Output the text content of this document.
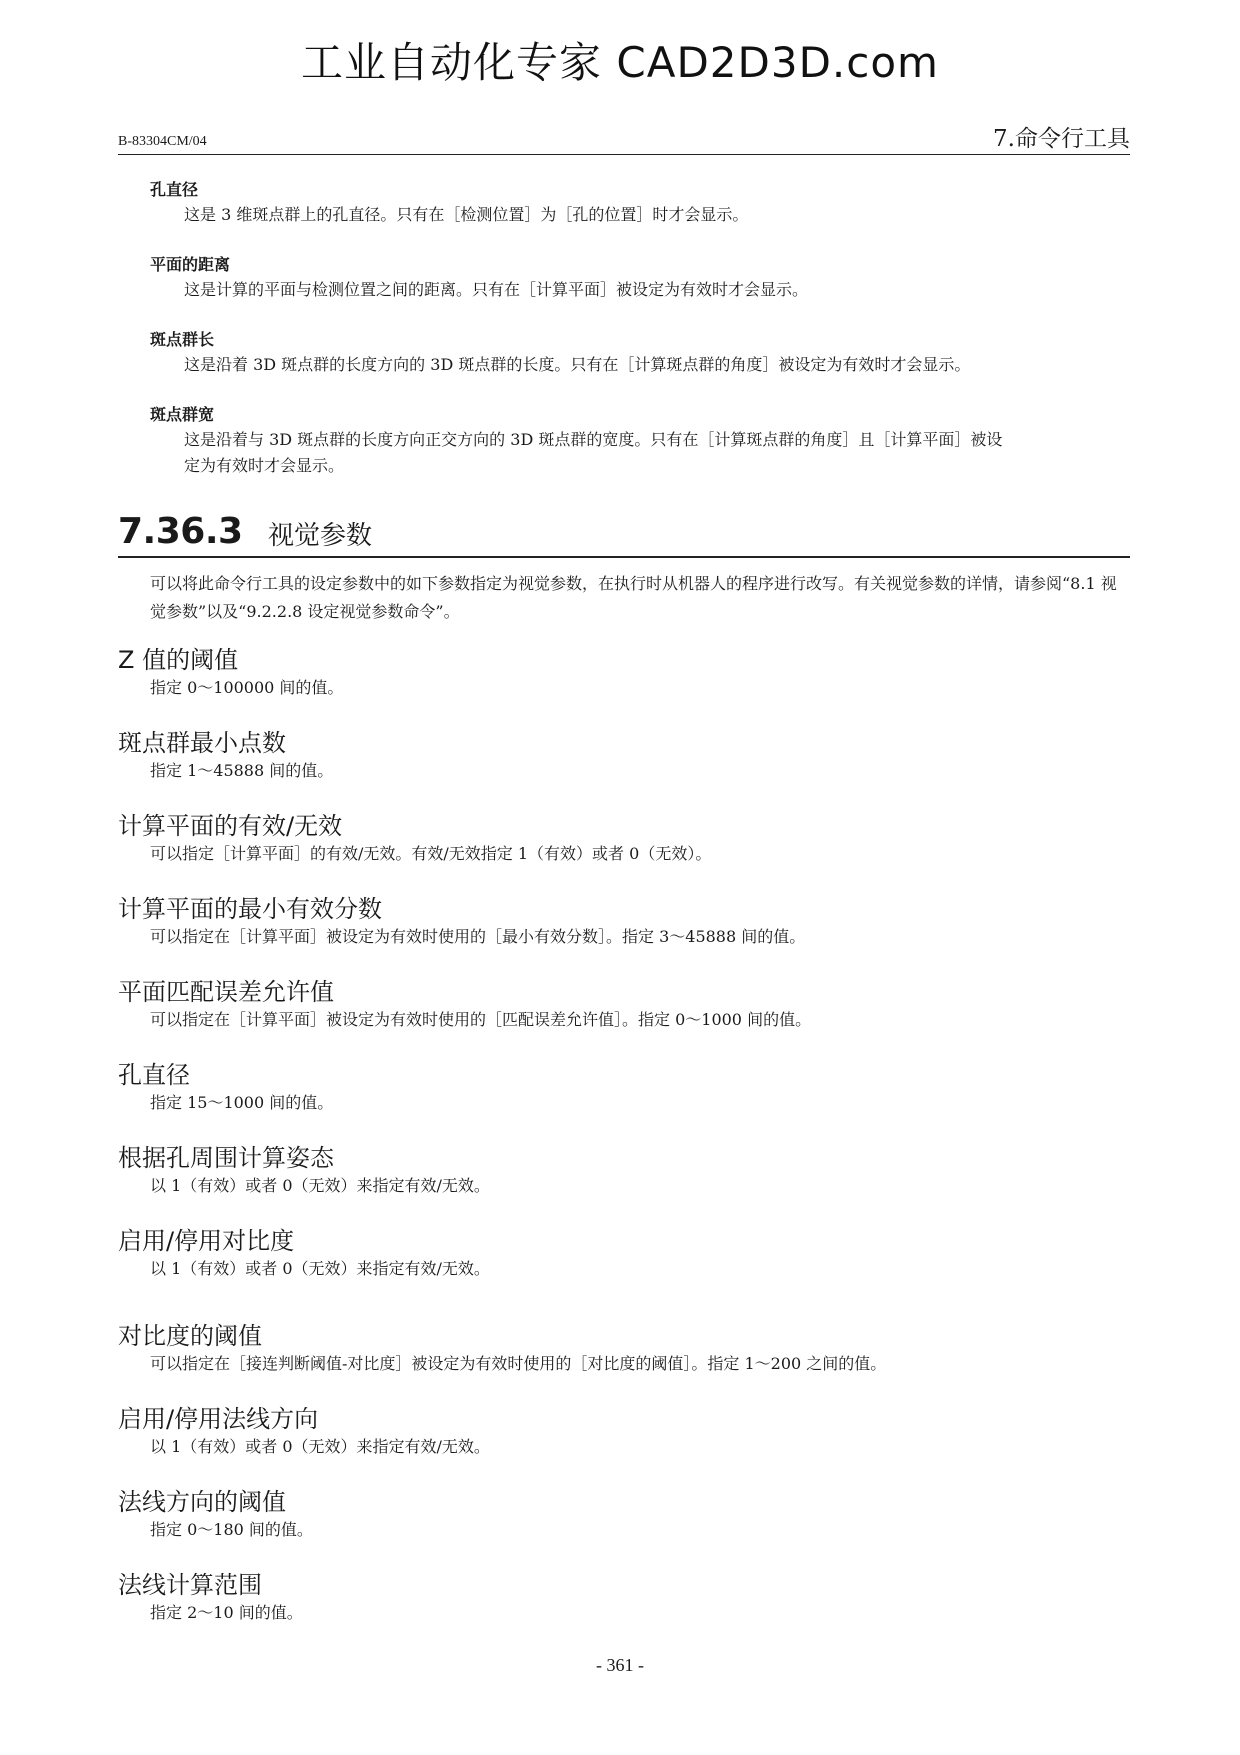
工业自动化专家 CAD2D3D.com
B-83304CM/04	7.命令行工具
孔直径
这是 3 维斑点群上的孔直径。只有在［检测位置］为［孔的位置］时才会显示。
平面的距离
这是计算的平面与检测位置之间的距离。只有在［计算平面］被设定为有效时才会显示。
斑点群长
这是沿着 3D 斑点群的长度方向的 3D 斑点群的长度。只有在［计算斑点群的角度］被设定为有效时才会显示。
斑点群宽
这是沿着与 3D 斑点群的长度方向正交方向的 3D 斑点群的宽度。只有在［计算斑点群的角度］且［计算平面］被设
定为有效时才会显示。
7.36.3 视觉参数
可以将此命令行工具的设定参数中的如下参数指定为视觉参数，在执行时从机器人的程序进行改写。有关视觉参数的详情，请参阅“8.1 视觉参数”以及“9.2.2.8 设定视觉参数命令”。
Z 值的阈值
指定 0～100000 间的值。
斑点群最小点数
指定 1～45888 间的值。
计算平面的有效/无效
可以指定［计算平面］的有效/无效。有效/无效指定 1（有效）或者 0（无效）。
计算平面的最小有效分数
可以指定在［计算平面］被设定为有效时使用的［最小有效分数］。指定 3～45888 间的值。
平面匹配误差允许值
可以指定在［计算平面］被设定为有效时使用的［匹配误差允许值］。指定 0～1000 间的值。
孔直径
指定 15～1000 间的值。
根据孔周围计算姿态
以 1（有效）或者 0（无效）来指定有效/无效。
启用/停用对比度
以 1（有效）或者 0（无效）来指定有效/无效。
对比度的阈值
可以指定在［接连判断阈值-对比度］被设定为有效时使用的［对比度的阈值］。指定 1～200 之间的值。
启用/停用法线方向
以 1（有效）或者 0（无效）来指定有效/无效。
法线方向的阈值
指定 0～180 间的值。
法线计算范围
指定 2～10 间的值。
- 361 -
